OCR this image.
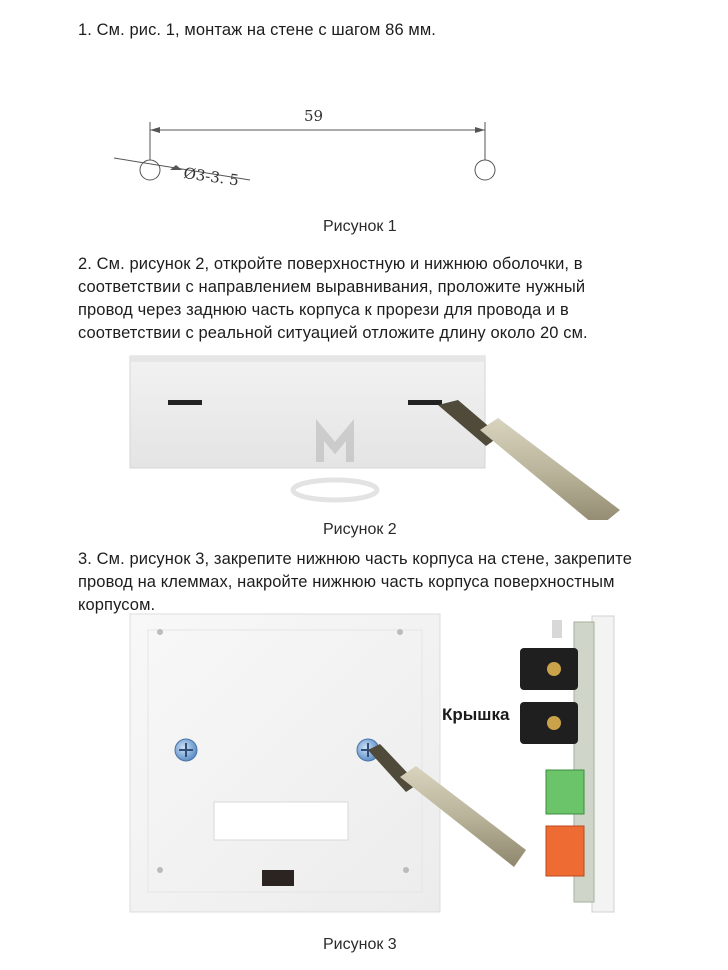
1. См. рис. 1, монтаж на стене с шагом 86 мм.
59
Ø3-3. 5
Рисунок 1
2. См. рисунок 2, откройте поверхностную и нижнюю оболочки, в соответствии с направлением выравнивания, проложите нужный провод через заднюю часть корпуса к прорези для провода и в соответствии с реальной ситуацией отложите длину около 20 см.
Рисунок 2
3. См. рисунок 3, закрепите нижнюю часть корпуса на стене, закрепите провод на клеммах, накройте нижнюю часть корпуса поверхностным корпусом.
Крышка
Рисунок 3
